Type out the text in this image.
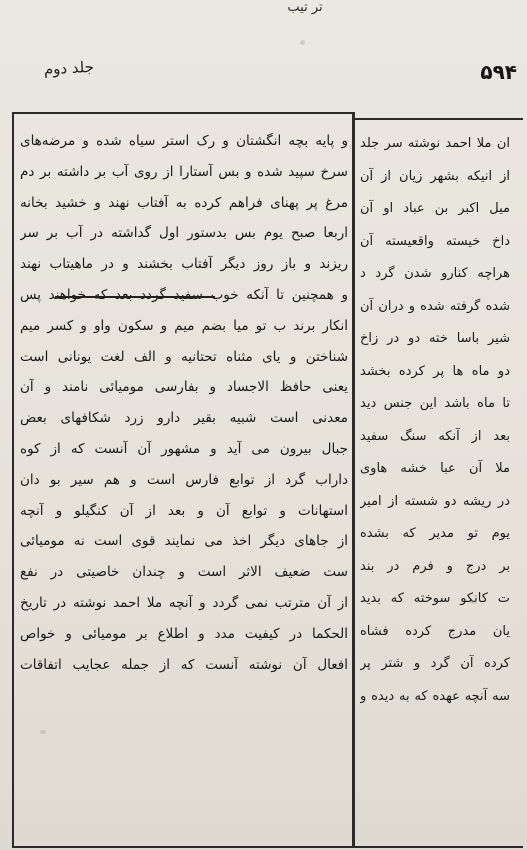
تر تیب
جلد دوم	۵۹۴
و پایه بچه انگشتان و رک استر سیاه شده و مرضه‌های
سرخ سپید شده و بس آستارا از روی آب بر داشته بر دم
مرغ پر پهنای فراهم کرده به آفتاب نهند و خشید بخانه
اربعا صبح یوم بس بدستور اول گداشته در آب بر سر
ریزند و باز روز دیگر آفتاب بخشند و در ماهیتاب نهند
و همچنین تا آنکه خوب سفید گردد بعد که خواهند پس
انکار برند ب تو میا بضم میم و سکون واو و کسر میم
شناختن و یای مثناه تحتانیه و الف لغت یونانی است
یعنی حافظ الاجساد و بفارسی مومیائی نامند و آن
معدنی است شبیه بقیر دارو زرد شکافهای بعض
جبال بیرون می آید و مشهور آن آنست که از کوه
داراب گرد از توابع فارس است و هم سیر بو دان
استهانات و توابع آن و بعد از آن کنگیلو و آنچه
از جاهای دیگر اخذ می نمایند قوی است نه مومیائی
ست ضعیف الاثر است و چندان خاصیتی در نفع
از آن مترتب نمی گردد و آنچه ملا احمد نوشته در تاریخ
الحکما در کیفیت مدد و اطلاع بر مومیائی و خواص
افعال آن نوشته آنست که از جمله عجایب اتفاقات
ان ملا احمد نوشته سر جلد
از انیکه بشهر زیان از آن
میل اکبر بن عباد او آن
داخ خیسته واقعیسته آن
هراچه کنارو شدن گرد د
شده گرفته شده و دران آن
شیر باسا خته دو در زاخ
دو ماه ها پر کرده بخشد
تا ماه باشد این جنس دید
بعد از آنکه سنگ سفید
ملا آن عبا خشه هاوی
در ریشه دو شسته از امیر
یوم تو مدیر که بشده
بر درج و فرم در بند
ت کانکو سوخته که بدید
یان مدرج کرده فشاه
کرده آن گرد و شتر پر
سه آنچه عهده که به دیده و
